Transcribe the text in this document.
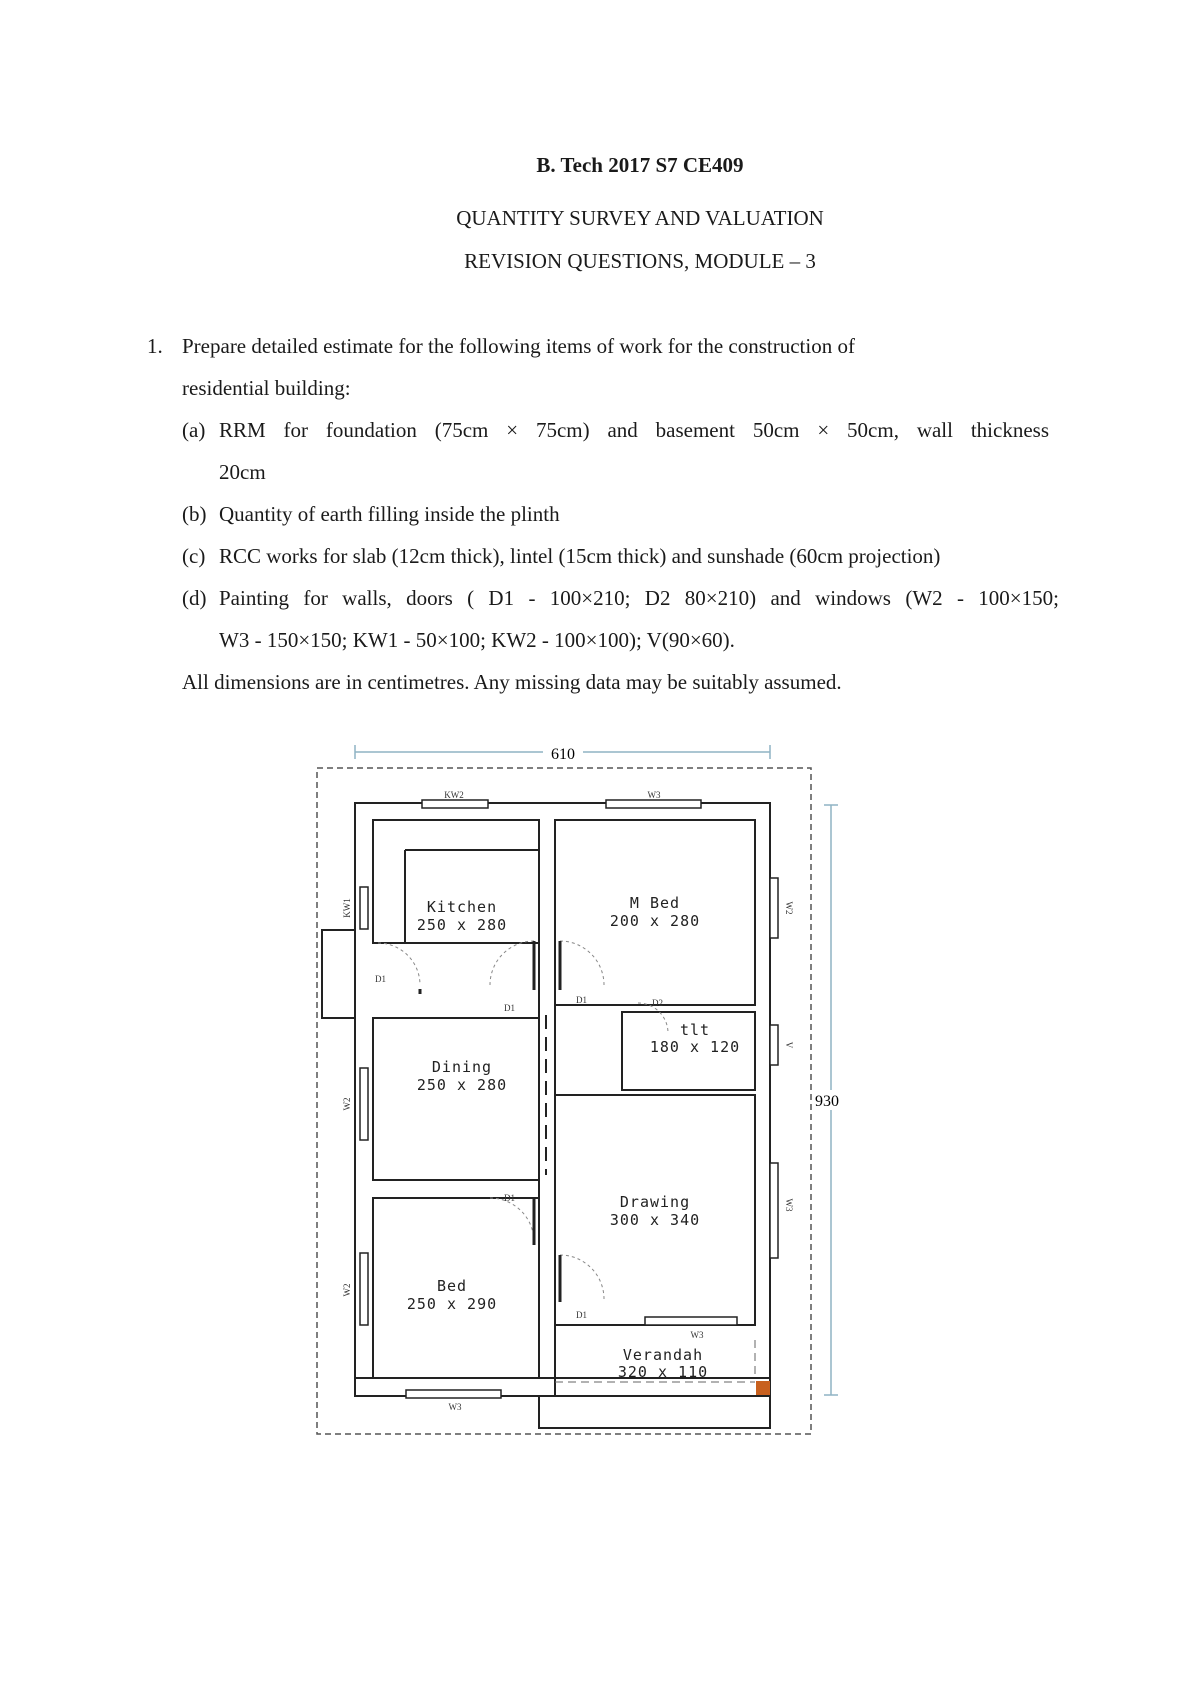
B. Tech 2017 S7 CE409
QUANTITY SURVEY AND VALUATION
REVISION QUESTIONS, MODULE – 3
1. Prepare detailed estimate for the following items of work for the construction of
residential building:
(a) RRM for foundation (75cm × 75cm) and basement 50cm × 50cm, wall thickness
20cm
(b) Quantity of earth filling inside the plinth
(c) RCC works for slab (12cm thick), lintel (15cm thick) and sunshade (60cm projection)
(d) Painting for walls, doors ( D1 - 100×210; D2 80×210) and windows (W2 - 100×150;
W3 - 150×150; KW1 - 50×100; KW2 - 100×100); V(90×60).
All dimensions are in centimetres. Any missing data may be suitably assumed.
610
930
Kitchen
250 x 280
M Bed
200 x 280
tlt
180 x 120
Dining
250 x 280
Drawing
300 x 340
Bed
250 x 290
Verandah
320 x 110
KW2	W3
KW1	W2
V
W2
W2
W3
W3
W3
D1
D1
D1	D2
D1
D1
